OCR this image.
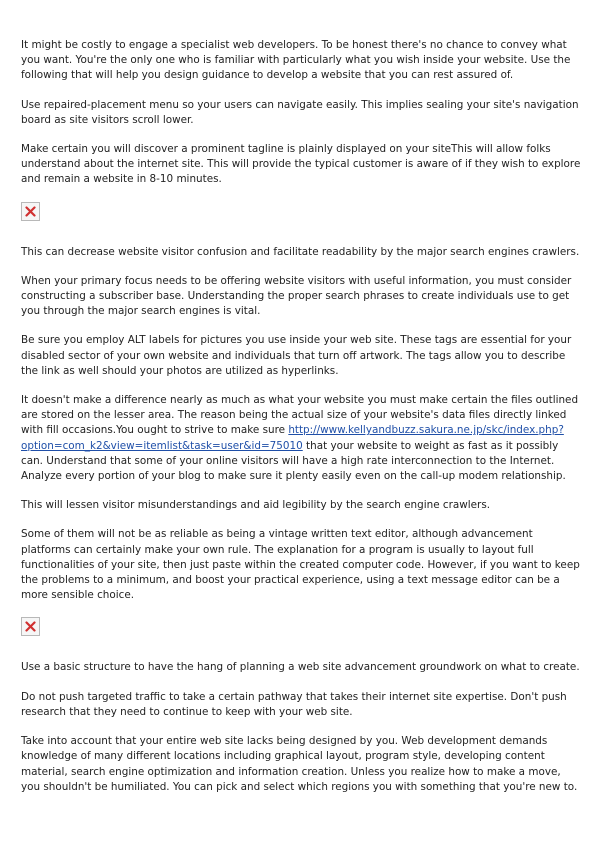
It might be costly to engage a specialist web developers. To be honest there's no chance to convey what you want. You're the only one who is familiar with particularly what you wish inside your website. Use the following that will help you design guidance to develop a website that you can rest assured of.

Use repaired-placement menu so your users can navigate easily. This implies sealing your site's navigation board as site visitors scroll lower.

Make certain you will discover a prominent tagline is plainly displayed on your siteThis will allow folks understand about the internet site. This will provide the typical customer is aware of if they wish to explore and remain a website in 8-10 minutes.

This can decrease website visitor confusion and facilitate readability by the major search engines crawlers.

When your primary focus needs to be offering website visitors with useful information, you must consider constructing a subscriber base. Understanding the proper search phrases to create individuals use to get you through the major search engines is vital.

Be sure you employ ALT labels for pictures you use inside your web site. These tags are essential for your disabled sector of your own website and individuals that turn off artwork. The tags allow you to describe the link as well should your photos are utilized as hyperlinks.

It doesn't make a difference nearly as much as what your website you must make certain the files outlined are stored on the lesser area. The reason being the actual size of your website's data files directly linked with fill occasions.You ought to strive to make sure http://www.kellyandbuzz.sakura.ne.jp/skc/index.php?option=com_k2&view=itemlist&task=user&id=75010 that your website to weight as fast as it possibly can. Understand that some of your online visitors will have a high rate interconnection to the Internet. Analyze every portion of your blog to make sure it plenty easily even on the call-up modem relationship.

This will lessen visitor misunderstandings and aid legibility by the search engine crawlers.

Some of them will not be as reliable as being a vintage written text editor, although advancement platforms can certainly make your own rule. The explanation for a program is usually to layout full functionalities of your site, then just paste within the created computer code. However, if you want to keep the problems to a minimum, and boost your practical experience, using a text message editor can be a more sensible choice.

Use a basic structure to have the hang of planning a web site advancement groundwork on what to create.

Do not push targeted traffic to take a certain pathway that takes their internet site expertise. Don't push research that they need to continue to keep with your web site.

Take into account that your entire web site lacks being designed by you. Web development demands knowledge of many different locations including graphical layout, program style, developing content material, search engine optimization and information creation. Unless you realize how to make a move, you shouldn't be humiliated. You can pick and select which regions you with something that you're new to.
